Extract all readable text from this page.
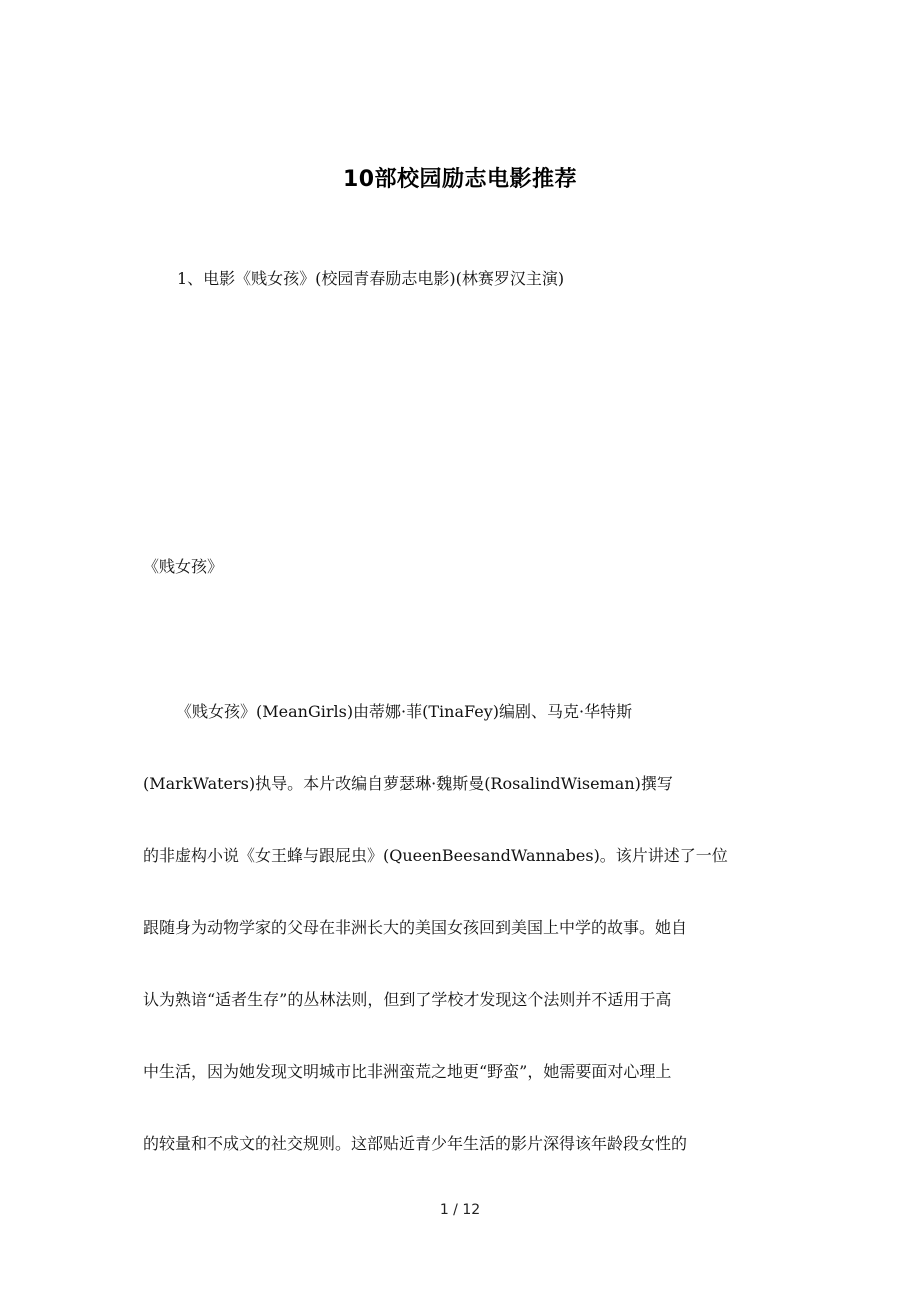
10部校园励志电影推荐
1、电影《贱女孩》(校园青春励志电影)(林赛罗汉主演)
《贱女孩》
《贱女孩》(MeanGirls)由蒂娜·菲(TinaFey)编剧、马克·华特斯
(MarkWaters)执导。本片改编自萝瑟琳·魏斯曼(RosalindWiseman)撰写
的非虚构小说《女王蜂与跟屁虫》(QueenBeesandWannabes)。该片讲述了一位
跟随身为动物学家的父母在非洲长大的美国女孩回到美国上中学的故事。她自
认为熟谙“适者生存”的丛林法则，但到了学校才发现这个法则并不适用于高
中生活，因为她发现文明城市比非洲蛮荒之地更“野蛮”，她需要面对心理上
的较量和不成文的社交规则。这部贴近青少年生活的影片深得该年龄段女性的
1 / 12
